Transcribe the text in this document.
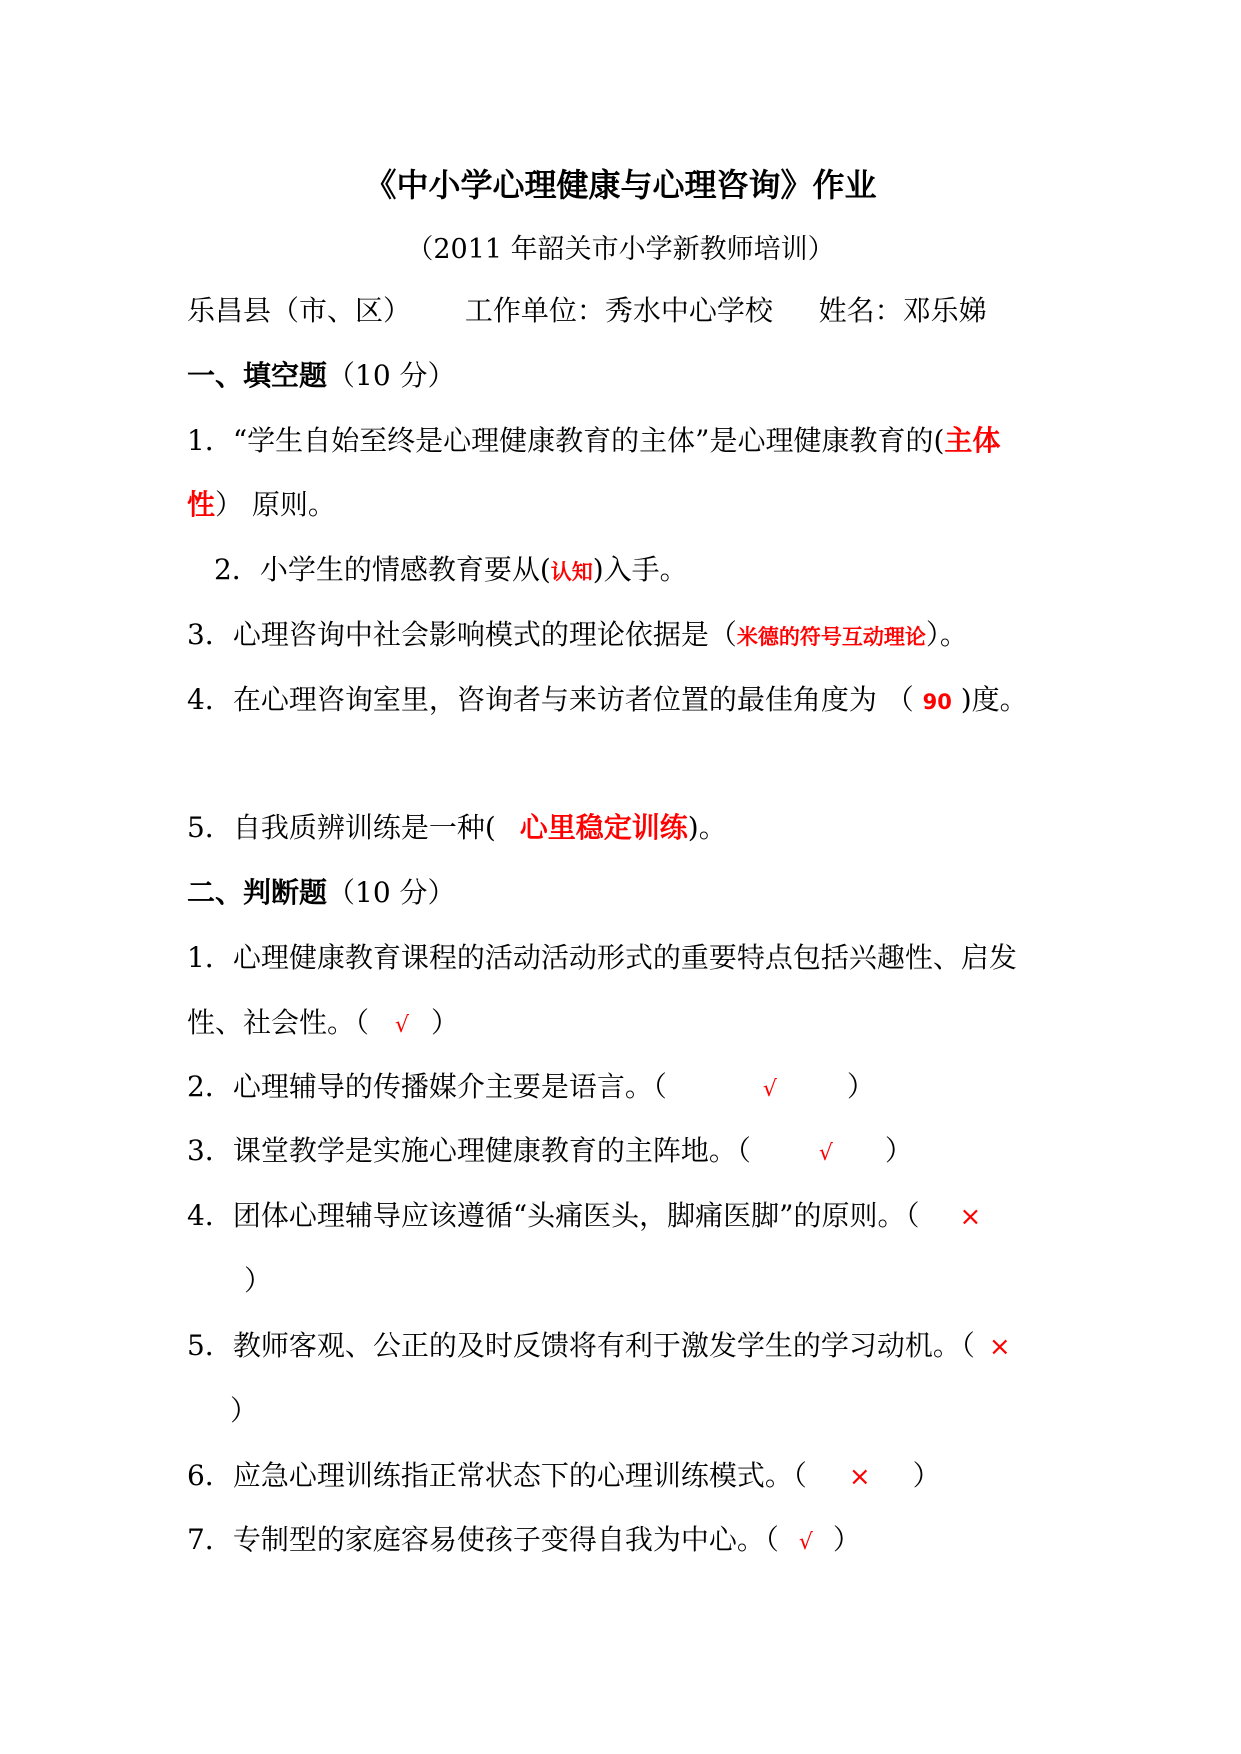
《中小学心理健康与心理咨询》作业
（2011 年韶关市小学新教师培训）
乐昌县（市、区） 工作单位：秀水中心学校 姓名：邓乐娣
一、填空题（10 分）
1．“学生自始至终是心理健康教育的主体”是心理健康教育的(主体
性） 原则。
2．小学生的情感教育要从(认知)入手。
3．心理咨询中社会影响模式的理论依据是（米德的符号互动理论）。
4．在心理咨询室里，咨询者与来访者位置的最佳角度为 （ 90 )度。
5．自我质辨训练是一种( 心里稳定训练)。
二、判断题（10 分）
1．心理健康教育课程的活动活动形式的重要特点包括兴趣性、启发
性、社会性。（ √ ）
2．心理辅导的传播媒介主要是语言。（	√	）
3．课堂教学是实施心理健康教育的主阵地。（	√ ）
4．团体心理辅导应该遵循“头痛医头，脚痛医脚”的原则。（ ×
）
5．教师客观、公正的及时反馈将有利于激发学生的学习动机。（ ×
）
6．应急心理训练指正常状态下的心理训练模式。（ × ）
7．专制型的家庭容易使孩子变得自我为中心。（ √ ）
